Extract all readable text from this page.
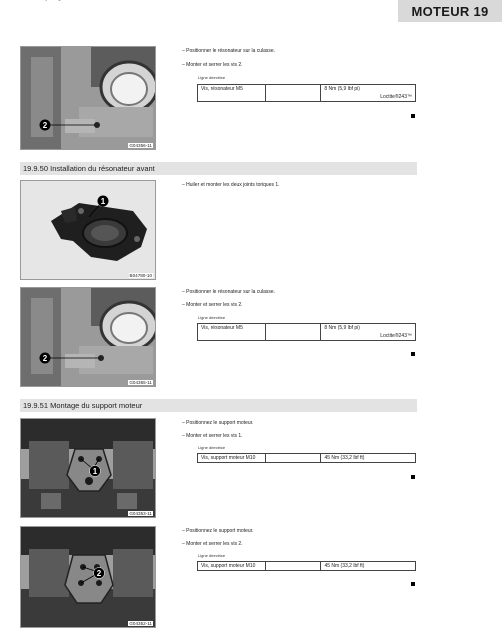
MOTEUR 19
2
G04356-11
– Positionner le résonateur sur la culasse.
– Monter et serrer les vis 2.
Ligne directrice
Vis, résonateur M5		8 Nm (5,9 lbf pi)
Loctite®243™
19.9.50 Installation du résonateur avant
1
B04780-10
– Huiler et monter les deux joints toriques 1.
2
G04355-11
– Positionner le résonateur sur la culasse.
– Monter et serrer les vis 2.
Ligne directrice
Vis, résonateur M5		8 Nm (5,9 lbf pi)
Loctite®243™
19.9.51 Montage du support moteur
1
G04353-11
– Positionnez le support moteur.
– Monter et serrer les vis 1.
Ligne directrice
Vis, support moteur M10		45 Nm (33,2 lbf ft)
2
G04352-11
– Positionnez le support moteur.
– Monter et serrer les vis 2.
Ligne directrice
Vis, support moteur M10		45 Nm (33,2 lbf ft)
